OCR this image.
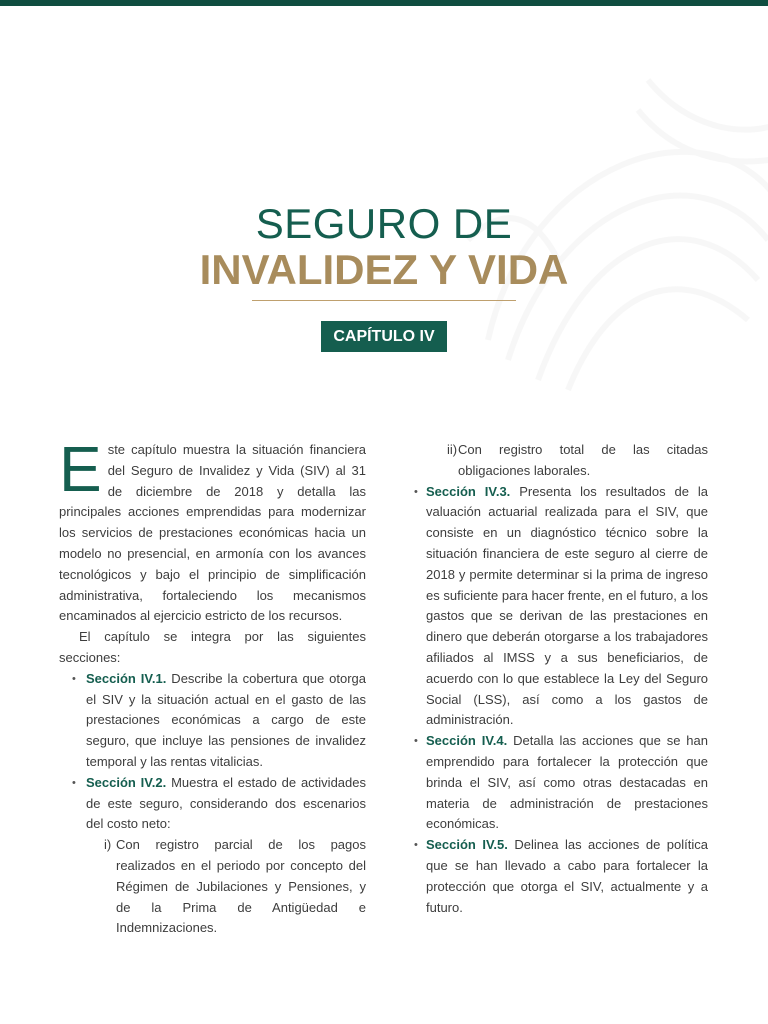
SEGURO DE
INVALIDEZ Y VIDA
CAPÍTULO IV

Este capítulo muestra la situación financiera del Seguro de Invalidez y Vida (SIV) al 31 de diciembre de 2018 y detalla las principales acciones emprendidas para modernizar los servicios de prestaciones económicas hacia un modelo no presencial, en armonía con los avances tecnológicos y bajo el principio de simplificación administrativa, fortaleciendo los mecanismos encaminados al ejercicio estricto de los recursos.

El capítulo se integra por las siguientes secciones:

• Sección IV.1. Describe la cobertura que otorga el SIV y la situación actual en el gasto de las prestaciones económicas a cargo de este seguro, que incluye las pensiones de invalidez temporal y las rentas vitalicias.
• Sección IV.2. Muestra el estado de actividades de este seguro, considerando dos escenarios del costo neto:
i) Con registro parcial de los pagos realizados en el periodo por concepto del Régimen de Jubilaciones y Pensiones, y de la Prima de Antigüedad e Indemnizaciones.
ii) Con registro total de las citadas obligaciones laborales.
• Sección IV.3. Presenta los resultados de la valuación actuarial realizada para el SIV, que consiste en un diagnóstico técnico sobre la situación financiera de este seguro al cierre de 2018 y permite determinar si la prima de ingreso es suficiente para hacer frente, en el futuro, a los gastos que se derivan de las prestaciones en dinero que deberán otorgarse a los trabajadores afiliados al IMSS y a sus beneficiarios, de acuerdo con lo que establece la Ley del Seguro Social (LSS), así como a los gastos de administración.
• Sección IV.4. Detalla las acciones que se han emprendido para fortalecer la protección que brinda el SIV, así como otras destacadas en materia de administración de prestaciones económicas.
• Sección IV.5. Delinea las acciones de política que se han llevado a cabo para fortalecer la protección que otorga el SIV, actualmente y a futuro.
